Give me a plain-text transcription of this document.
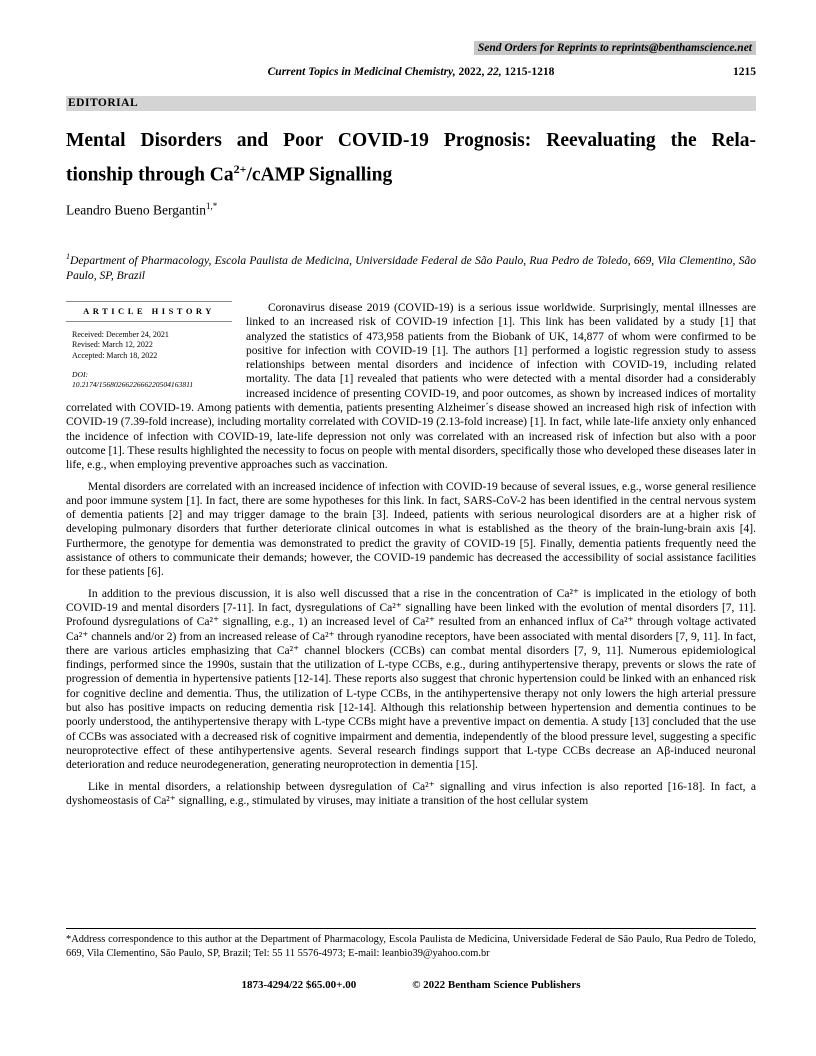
Send Orders for Reprints to reprints@benthamscience.net
Current Topics in Medicinal Chemistry, 2022, 22, 1215-1218	1215
EDITORIAL
Mental Disorders and Poor COVID-19 Prognosis: Reevaluating the Rela-
tionship through $Ca^{2+}$/cAMP Signalling
Leandro Bueno Bergantin$^{1,*}$
$^1$Department of Pharmacology, Escola Paulista de Medicina, Universidade Federal de São Paulo, Rua Pedro de Toledo, 669, Vila Clementino, São Paulo, SP, Brazil
ARTICLE HISTORY
Received: December 24, 2021
Revised: March 12, 2022
Accepted: March 18, 2022
DOI:
10.2174/1568026622666220504163811

Coronavirus disease 2019 (COVID-19) is a serious issue worldwide. Surprisingly, mental illnesses are linked to an increased risk of COVID-19 infection [1]. This link has been validated by a study [1] that analyzed the statistics of 473,958 patients from the Biobank of UK, 14,877 of whom were confirmed to be positive for infection with COVID-19 [1]. The authors [1] performed a logistic regression study to assess relationships between mental disorders and incidence of infection with COVID-19, including related mortality. The data [1] revealed that patients who were detected with a mental disorder had a considerably increased incidence of presenting COVID-19, and poor outcomes, as shown by increased indices of mortality correlated with COVID-19. Among patients with dementia, patients presenting Alzheimer´s disease showed an increased high risk of infection with COVID-19 (7.39-fold increase), including mortality correlated with COVID-19 (2.13-fold increase) [1]. In fact, while late-life anxiety only enhanced the incidence of infection with COVID-19, late-life depression not only was correlated with an increased risk of infection but also with a poor outcome [1]. These results highlighted the necessity to focus on people with mental disorders, specifically those who developed these diseases later in life, e.g., when employing preventive approaches such as vaccination.

Mental disorders are correlated with an increased incidence of infection with COVID-19 because of several issues, e.g., worse general resilience and poor immune system [1]. In fact, there are some hypotheses for this link. In fact, SARS-CoV-2 has been identified in the central nervous system of dementia patients [2] and may trigger damage to the brain [3]. Indeed, patients with serious neurological disorders are at a higher risk of developing pulmonary disorders that further deteriorate clinical outcomes in what is established as the theory of the brain-lung-brain axis [4]. Furthermore, the genotype for dementia was demonstrated to predict the gravity of COVID-19 [5]. Finally, dementia patients frequently need the assistance of others to communicate their demands; however, the COVID-19 pandemic has decreased the accessibility of social assistance facilities for these patients [6].

In addition to the previous discussion, it is also well discussed that a rise in the concentration of Ca²⁺ is implicated in the etiology of both COVID-19 and mental disorders [7-11]. In fact, dysregulations of Ca²⁺ signalling have been linked with the evolution of mental disorders [7, 11]. Profound dysregulations of Ca²⁺ signalling, e.g., 1) an increased level of Ca²⁺ resulted from an enhanced influx of Ca²⁺ through voltage activated Ca²⁺ channels and/or 2) from an increased release of Ca²⁺ through ryanodine receptors, have been associated with mental disorders [7, 9, 11]. In fact, there are various articles emphasizing that Ca²⁺ channel blockers (CCBs) can combat mental disorders [7, 9, 11]. Numerous epidemiological findings, performed since the 1990s, sustain that the utilization of L-type CCBs, e.g., during antihypertensive therapy, prevents or slows the rate of progression of dementia in hypertensive patients [12-14]. These reports also suggest that chronic hypertension could be linked with an enhanced risk for cognitive decline and dementia. Thus, the utilization of L-type CCBs, in the antihypertensive therapy not only lowers the high arterial pressure but also has positive impacts on reducing dementia risk [12-14]. Although this relationship between hypertension and dementia continues to be poorly understood, the antihypertensive therapy with L-type CCBs might have a preventive impact on dementia. A study [13] concluded that the use of CCBs was associated with a decreased risk of cognitive impairment and dementia, independently of the blood pressure level, suggesting a specific neuroprotective effect of these antihypertensive agents. Several research findings support that L-type CCBs decrease an Aβ-induced neuronal deterioration and reduce neurodegeneration, generating neuroprotection in dementia [15].

Like in mental disorders, a relationship between dysregulation of Ca²⁺ signalling and virus infection is also reported [16-18]. In fact, a dyshomeostasis of Ca²⁺ signalling, e.g., stimulated by viruses, may initiate a transition of the host cellular system

*Address correspondence to this author at the Department of Pharmacology, Escola Paulista de Medicina, Universidade Federal de São Paulo, Rua Pedro de Toledo, 669, Vila Clementino, São Paulo, SP, Brazil; Tel: 55 11 5576-4973; E-mail: leanbio39@yahoo.com.br
1873-4294/22 $65.00+.00	© 2022 Bentham Science Publishers
